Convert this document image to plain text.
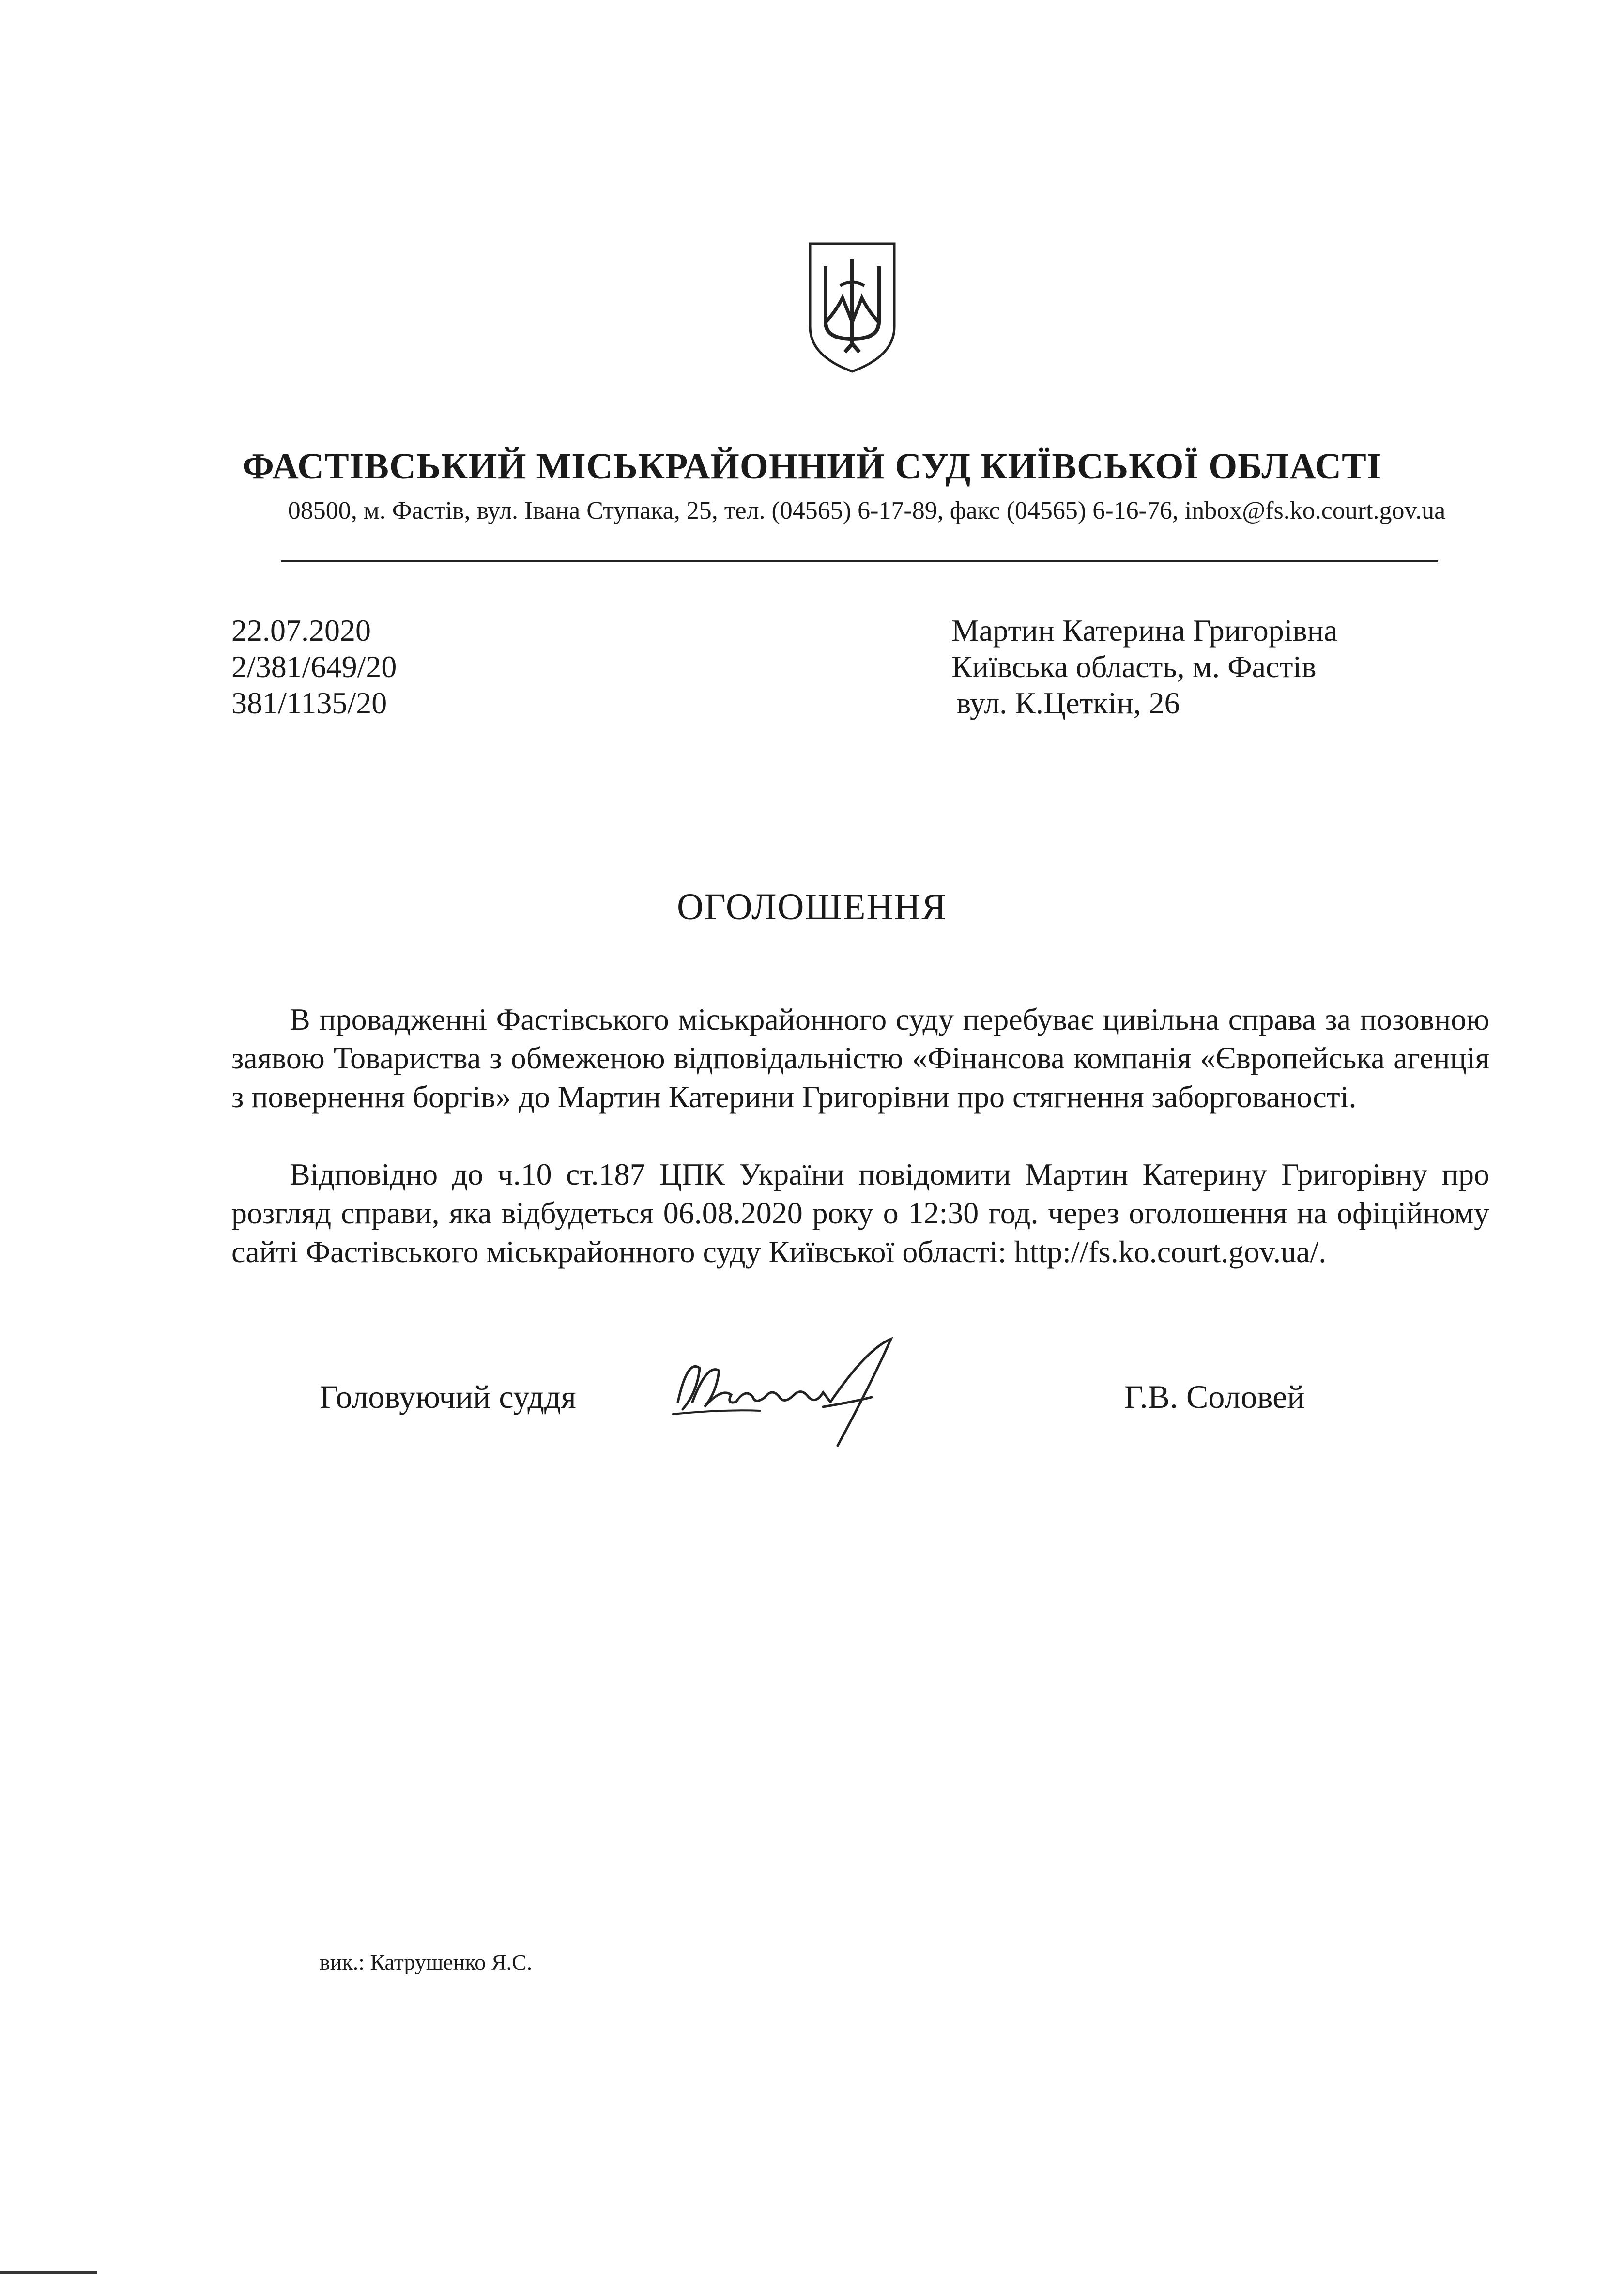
ФАСТІВСЬКИЙ МІСЬКРАЙОННИЙ СУД КИЇВСЬКОЇ ОБЛАСТІ
08500, м. Фастів, вул. Івана Ступака, 25, тел. (04565) 6-17-89, факс (04565) 6-16-76, inbox@fs.ko.court.gov.ua
22.07.2020
2/381/649/20
381/1135/20
Мартин Катерина Григорівна
Київська область, м. Фастів
вул. К.Цеткін, 26
ОГОЛОШЕННЯ
В провадженні Фастівського міськрайонного суду перебуває цивільна справа за позовною заявою Товариства з обмеженою відповідальністю «Фінансова компанія «Європейська агенція з повернення боргів» до Мартин Катерини Григорівни про стягнення заборгованості.
Відповідно до ч.10 ст.187 ЦПК України повідомити Мартин Катерину Григорівну про розгляд справи, яка відбудеться 06.08.2020 року о 12:30 год. через оголошення на офіційному сайті Фастівського міськрайонного суду Київської області: http://fs.ko.court.gov.ua/.
Головуючий суддя	Г.В. Соловей
вик.: Катрушенко Я.С.
